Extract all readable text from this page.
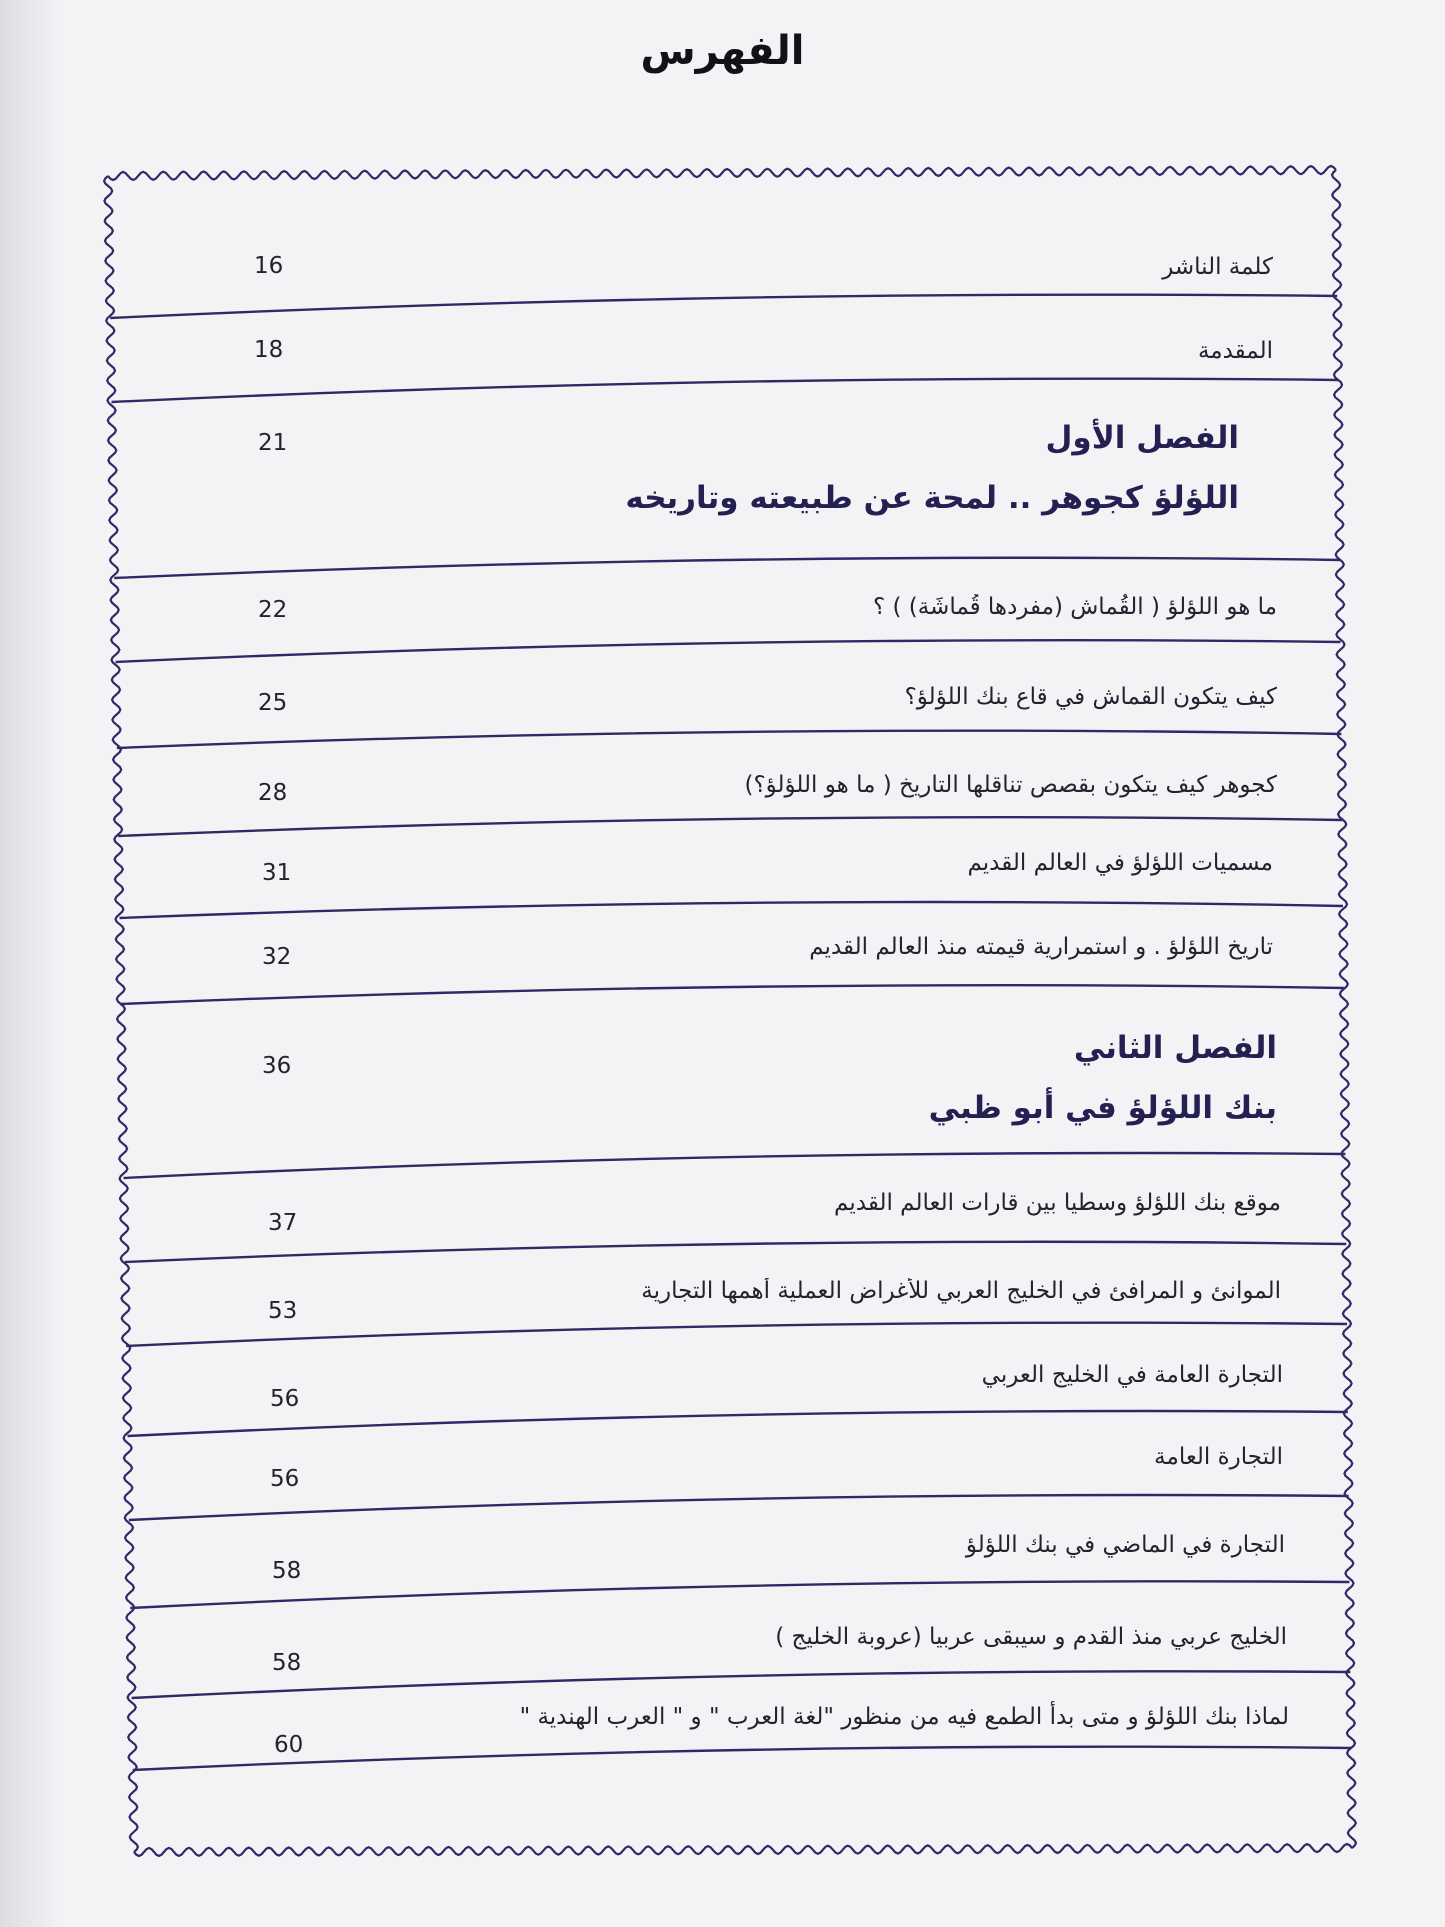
الفهرس
كلمة الناشر
16
المقدمة
18
الفصل الأول
اللؤلؤ كجوهر .. لمحة عن طبيعته وتاريخه
21
ما هو اللؤلؤ ( القُماش (مفردها قُماشَة) ) ؟
22
كيف يتكون القماش في قاع بنك اللؤلؤ؟
25
كجوهر كيف يتكون بقصص تناقلها التاريخ ( ما هو اللؤلؤ؟)
28
مسميات اللؤلؤ في العالم القديم
31
تاريخ اللؤلؤ . و استمرارية قيمته منذ العالم القديم
32
الفصل الثاني
بنك اللؤلؤ في أبو ظبي
36
موقع بنك اللؤلؤ وسطيا بين قارات العالم القديم
37
الموانئ و المرافئ في الخليج العربي للأغراض العملية أهمها التجارية
53
التجارة العامة في الخليج العربي
56
التجارة العامة
56
التجارة في الماضي في بنك اللؤلؤ
58
الخليج عربي منذ القدم و سيبقى عربيا (عروبة الخليج )
58
لماذا بنك اللؤلؤ و متى بدأ الطمع فيه من منظور "لغة العرب " و " العرب الهندية "
60
